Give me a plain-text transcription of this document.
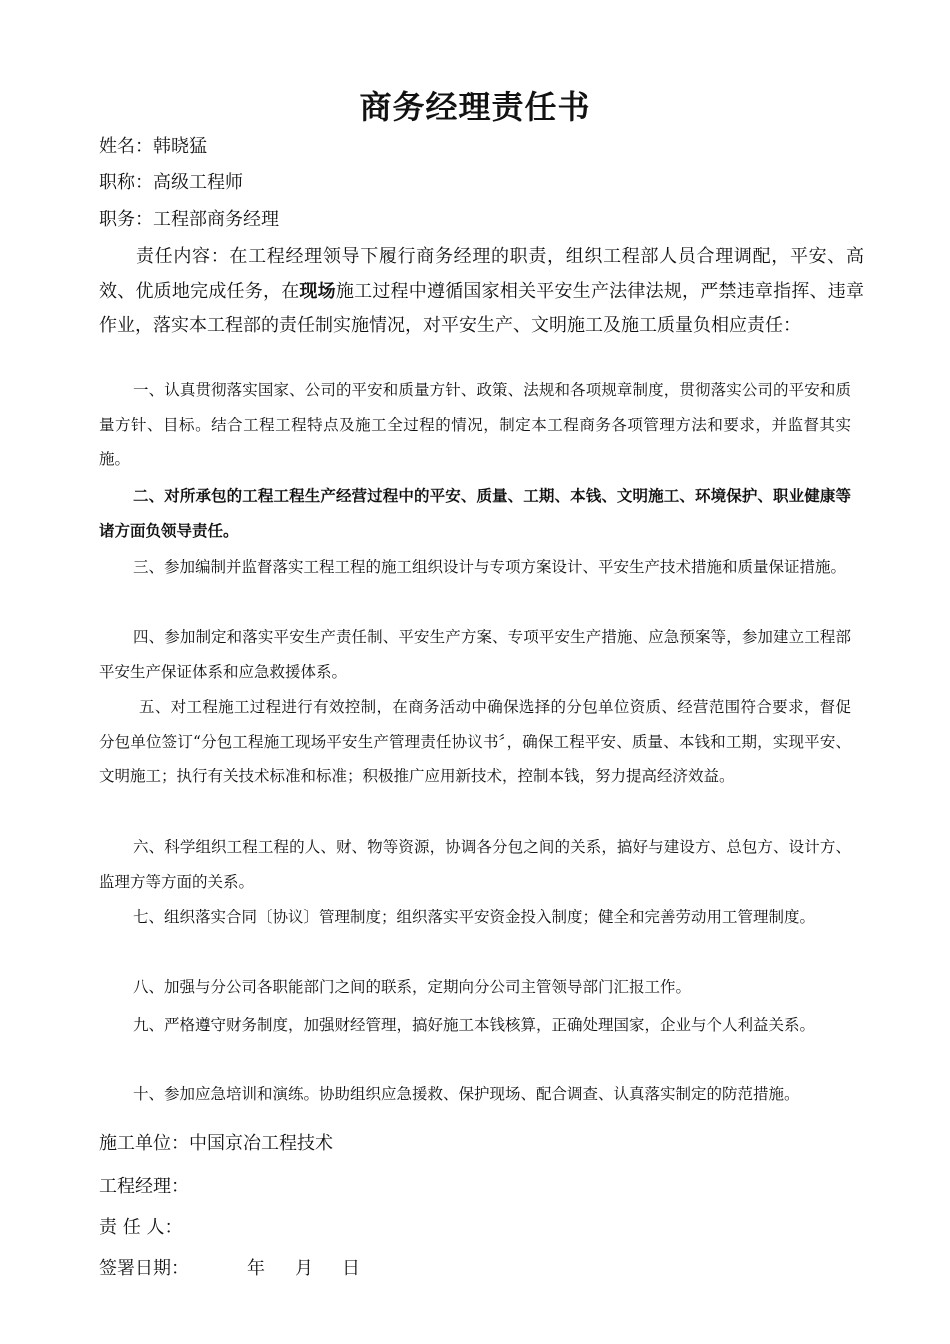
商务经理责任书
姓名：韩晓猛
职称：高级工程师
职务：工程部商务经理
责任内容：在工程经理领导下履行商务经理的职责，组织工程部人员合理调配，平安、高效、优质地完成任务，在现场施工过程中遵循国家相关平安生产法律法规，严禁违章指挥、违章作业，落实本工程部的责任制实施情况，对平安生产、文明施工及施工质量负相应责任：
一、认真贯彻落实国家、公司的平安和质量方针、政策、法规和各项规章制度，贯彻落实公司的平安和质量方针、目标。结合工程工程特点及施工全过程的情况，制定本工程商务各项管理方法和要求，并监督其实施。
二、对所承包的工程工程生产经营过程中的平安、质量、工期、本钱、文明施工、环境保护、职业健康等诸方面负领导责任。
三、参加编制并监督落实工程工程的施工组织设计与专项方案设计、平安生产技术措施和质量保证措施。
四、参加制定和落实平安生产责任制、平安生产方案、专项平安生产措施、应急预案等，参加建立工程部平安生产保证体系和应急救援体系。
五、对工程施工过程进行有效控制，在商务活动中确保选择的分包单位资质、经营范围符合要求，督促分包单位签订“分包工程施工现场平安生产管理责任协议书〞，确保工程平安、质量、本钱和工期，实现平安、文明施工；执行有关技术标准和标准；积极推广应用新技术，控制本钱，努力提高经济效益。
六、科学组织工程工程的人、财、物等资源，协调各分包之间的关系，搞好与建设方、总包方、设计方、监理方等方面的关系。
七、组织落实合同〔协议〕管理制度；组织落实平安资金投入制度；健全和完善劳动用工管理制度。
八、加强与分公司各职能部门之间的联系，定期向分公司主管领导部门汇报工作。
九、严格遵守财务制度，加强财经管理，搞好施工本钱核算，正确处理国家，企业与个人利益关系。
十、参加应急培训和演练。协助组织应急援救、保护现场、配合调查、认真落实制定的防范措施。
施工单位：中国京冶工程技术
工程经理：
责 任 人：
签署日期：	年 月 日
